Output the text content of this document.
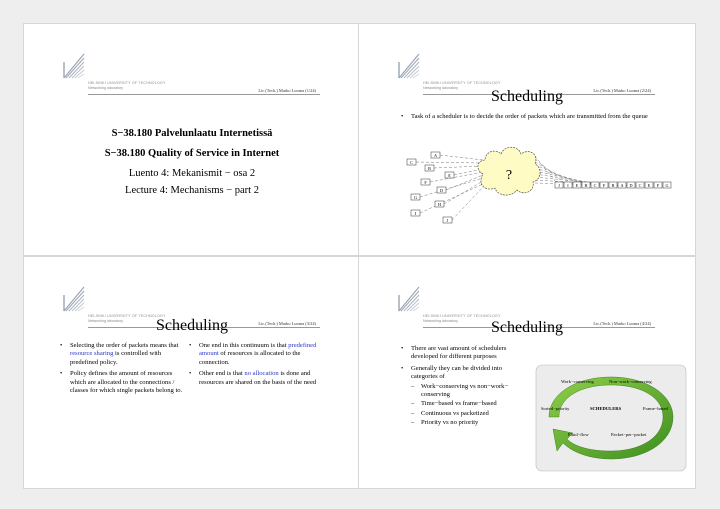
HELSINKI UNIVERSITY OF TECHNOLOGY
Networking laboratory	Lic.(Tech.) Marko Luoma (1/24)
S−38.180 Palvelunlaatu Internetissä
S−38.180 Quality of Service in Internet
Luento 4: Mekanismit − osa 2
Lecture 4: Mechanisms − part 2
HELSINKI UNIVERSITY OF TECHNOLOGY
Networking laboratory	Lic.(Tech.) Marko Luoma (2/24)
Scheduling
• Task of a scheduler is to decide the order of packets which are transmitted from the queue
?
A
C
B
E
F
D
G
H
I
J
J I E H C F B A D C E F G
HELSINKI UNIVERSITY OF TECHNOLOGY
Networking laboratory	Lic.(Tech.) Marko Luoma (3/24)
Scheduling
• Selecting the order of packets means that resource sharing is controlled with predefined policy.
• Policy defines the amount of resources which are allocated to the connections / classes for which single packets belong to.
• One end in this continuum is that predefined amount of resources is allocated to the connection.
• Other end is that no allocation is done and resources are shared on the basis of the need
HELSINKI UNIVERSITY OF TECHNOLOGY
Networking laboratory	Lic.(Tech.) Marko Luoma (4/24)
Scheduling
• There are vast amount of schedulers developed for different purposes
• Generally they can be divided into categories of
– Work−conserving vs non−work− conserving
– Time−based vs frame−based
– Continuous vs packetized
– Priority vs no priority
Work−conserving	Non−work−conserving
Sorted−priority	SCHEDULERS	Frame−based
Fluid−flow	Packet−per−packet
